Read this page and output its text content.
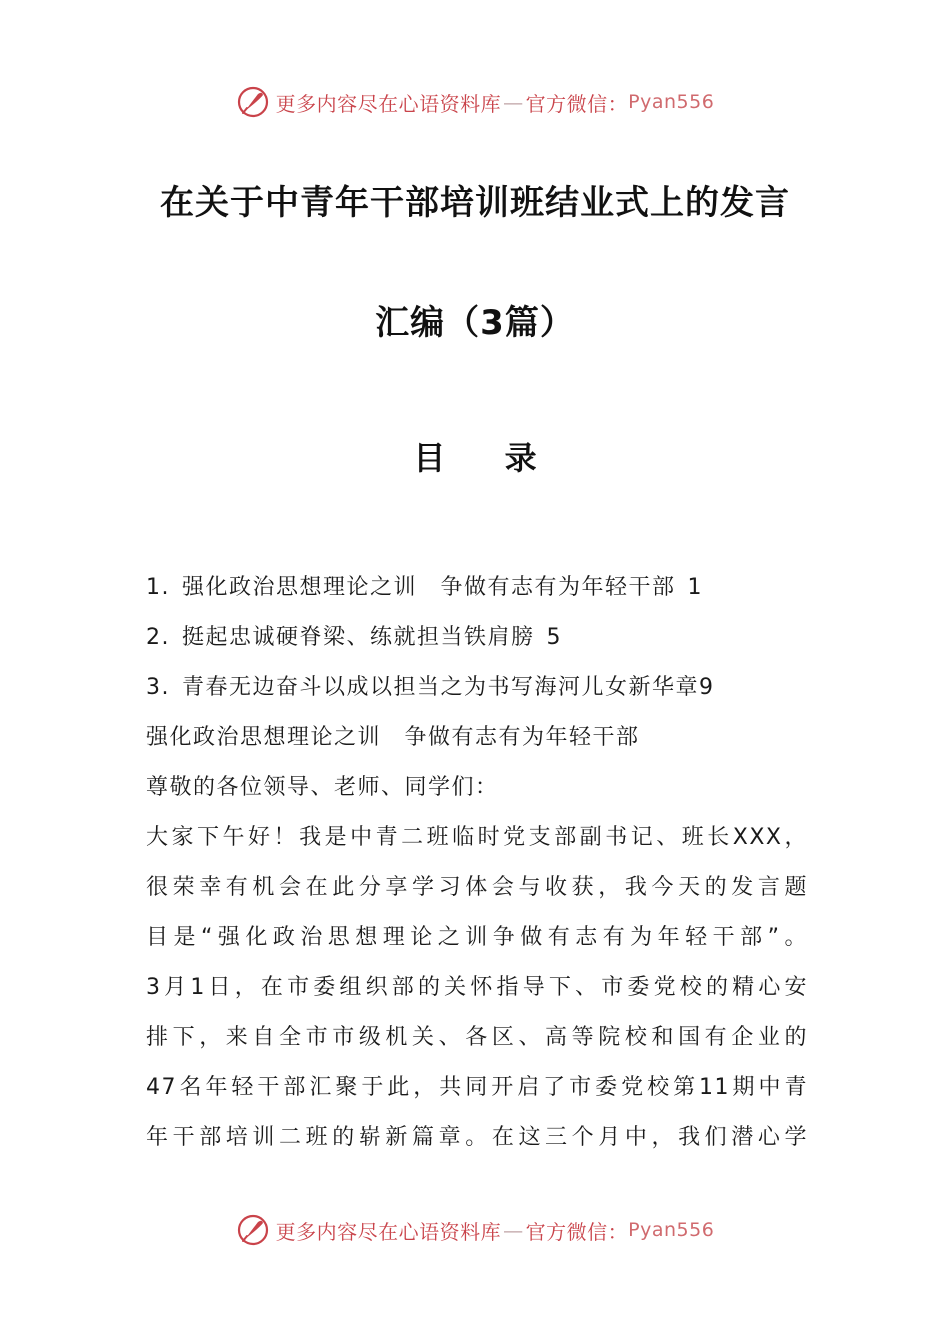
更多内容尽在心语资料库 — 官方微信： Pyan556
在关于中青年干部培训班结业式上的发言
汇编（3篇）
目 录
1. 强化政治思想理论之训　争做有志有为年轻干部 1
2. 挺起忠诚硬脊梁、练就担当铁肩膀 5
3. 青春无边奋斗以成以担当之为书写海河儿女新华章9
强化政治思想理论之训　争做有志有为年轻干部
尊敬的各位领导、老师、同学们：
大家下午好！我是中青二班临时党支部副书记、班长XXX，
很荣幸有机会在此分享学习体会与收获，我今天的发言题
目是“强化政治思想理论之训争做有志有为年轻干部”。
3月1日，在市委组织部的关怀指导下、市委党校的精心安
排下，来自全市市级机关、各区、高等院校和国有企业的
47名年轻干部汇聚于此，共同开启了市委党校第11期中青
年干部培训二班的崭新篇章。在这三个月中，我们潜心学
更多内容尽在心语资料库 — 官方微信： Pyan556
